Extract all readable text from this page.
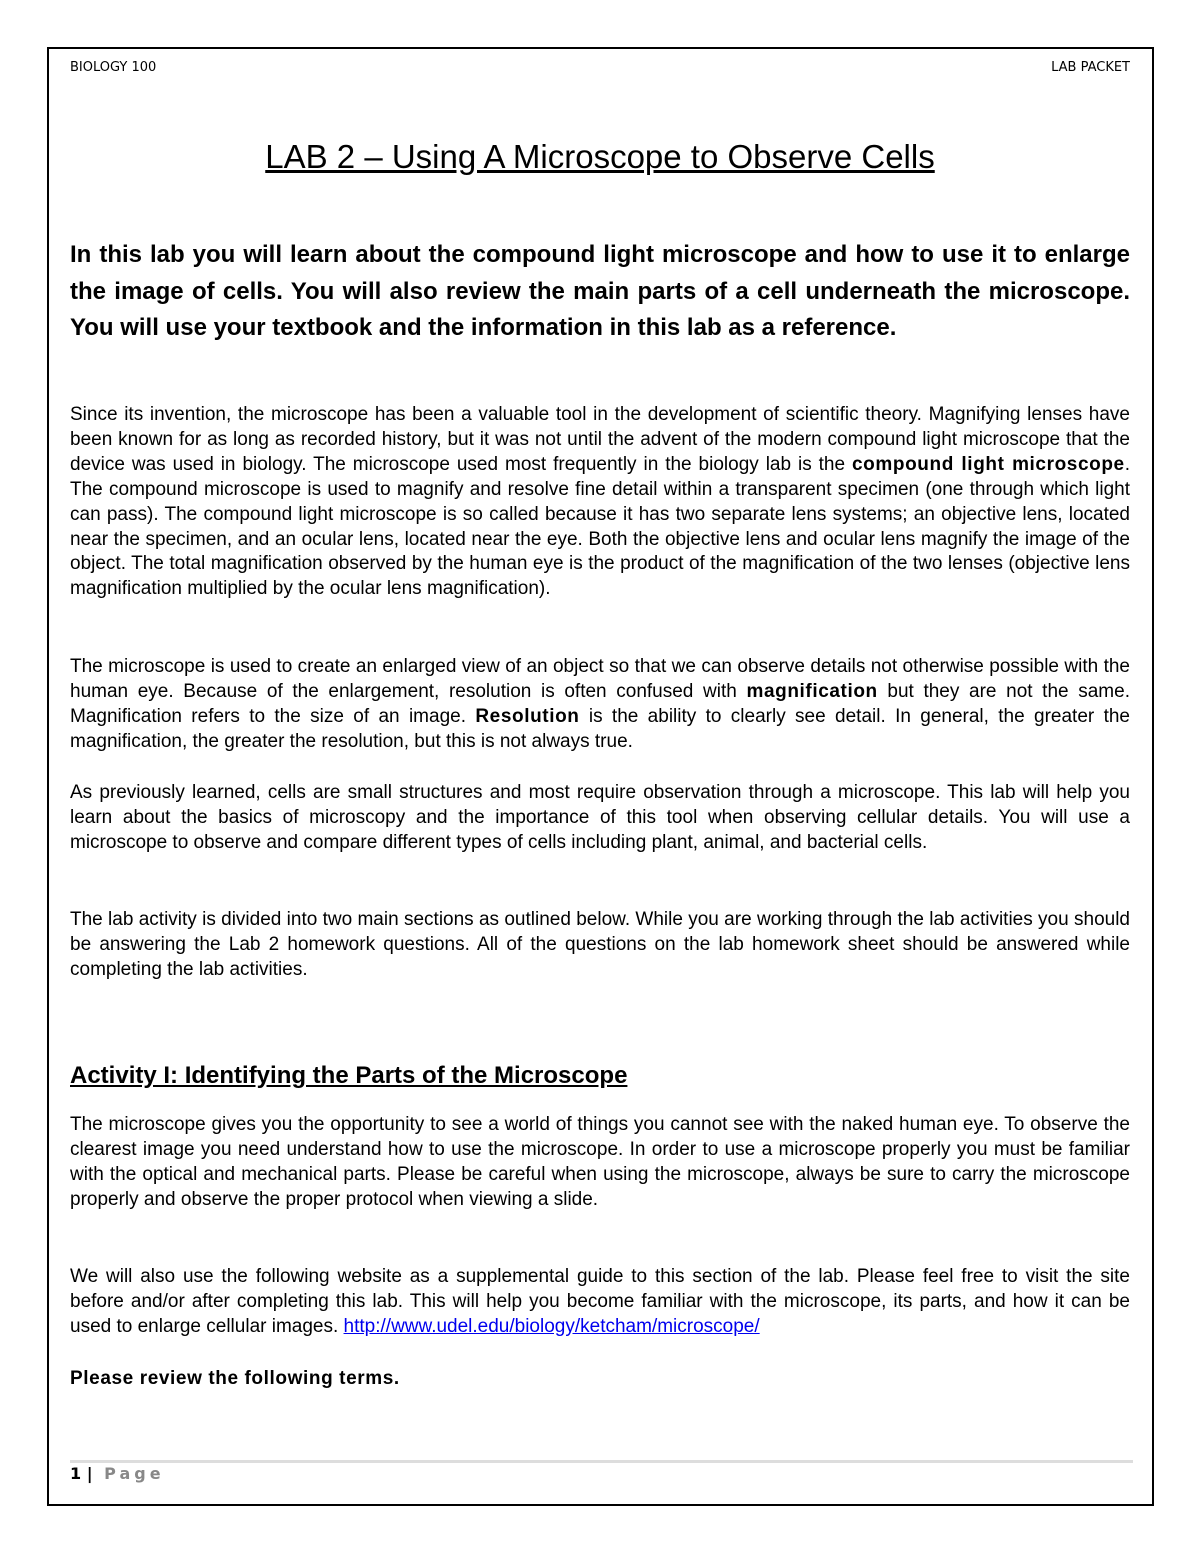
BIOLOGY 100	LAB PACKET
LAB 2 – Using A Microscope to Observe Cells
In this lab you will learn about the compound light microscope and how to use it to enlarge the image of cells. You will also review the main parts of a cell underneath the microscope. You will use your textbook and the information in this lab as a reference.
Since its invention, the microscope has been a valuable tool in the development of scientific theory. Magnifying lenses have been known for as long as recorded history, but it was not until the advent of the modern compound light microscope that the device was used in biology. The microscope used most frequently in the biology lab is the compound light microscope. The compound microscope is used to magnify and resolve fine detail within a transparent specimen (one through which light can pass). The compound light microscope is so called because it has two separate lens systems; an objective lens, located near the specimen, and an ocular lens, located near the eye. Both the objective lens and ocular lens magnify the image of the object. The total magnification observed by the human eye is the product of the magnification of the two lenses (objective lens magnification multiplied by the ocular lens magnification).
The microscope is used to create an enlarged view of an object so that we can observe details not otherwise possible with the human eye. Because of the enlargement, resolution is often confused with magnification but they are not the same. Magnification refers to the size of an image. Resolution is the ability to clearly see detail. In general, the greater the magnification, the greater the resolution, but this is not always true.
As previously learned, cells are small structures and most require observation through a microscope. This lab will help you learn about the basics of microscopy and the importance of this tool when observing cellular details. You will use a microscope to observe and compare different types of cells including plant, animal, and bacterial cells.
The lab activity is divided into two main sections as outlined below. While you are working through the lab activities you should be answering the Lab 2 homework questions. All of the questions on the lab homework sheet should be answered while completing the lab activities.
Activity I: Identifying the Parts of the Microscope
The microscope gives you the opportunity to see a world of things you cannot see with the naked human eye. To observe the clearest image you need understand how to use the microscope. In order to use a microscope properly you must be familiar with the optical and mechanical parts. Please be careful when using the microscope, always be sure to carry the microscope properly and observe the proper protocol when viewing a slide.
We will also use the following website as a supplemental guide to this section of the lab. Please feel free to visit the site before and/or after completing this lab. This will help you become familiar with the microscope, its parts, and how it can be used to enlarge cellular images. http://www.udel.edu/biology/ketcham/microscope/
Please review the following terms.
1 | Page
